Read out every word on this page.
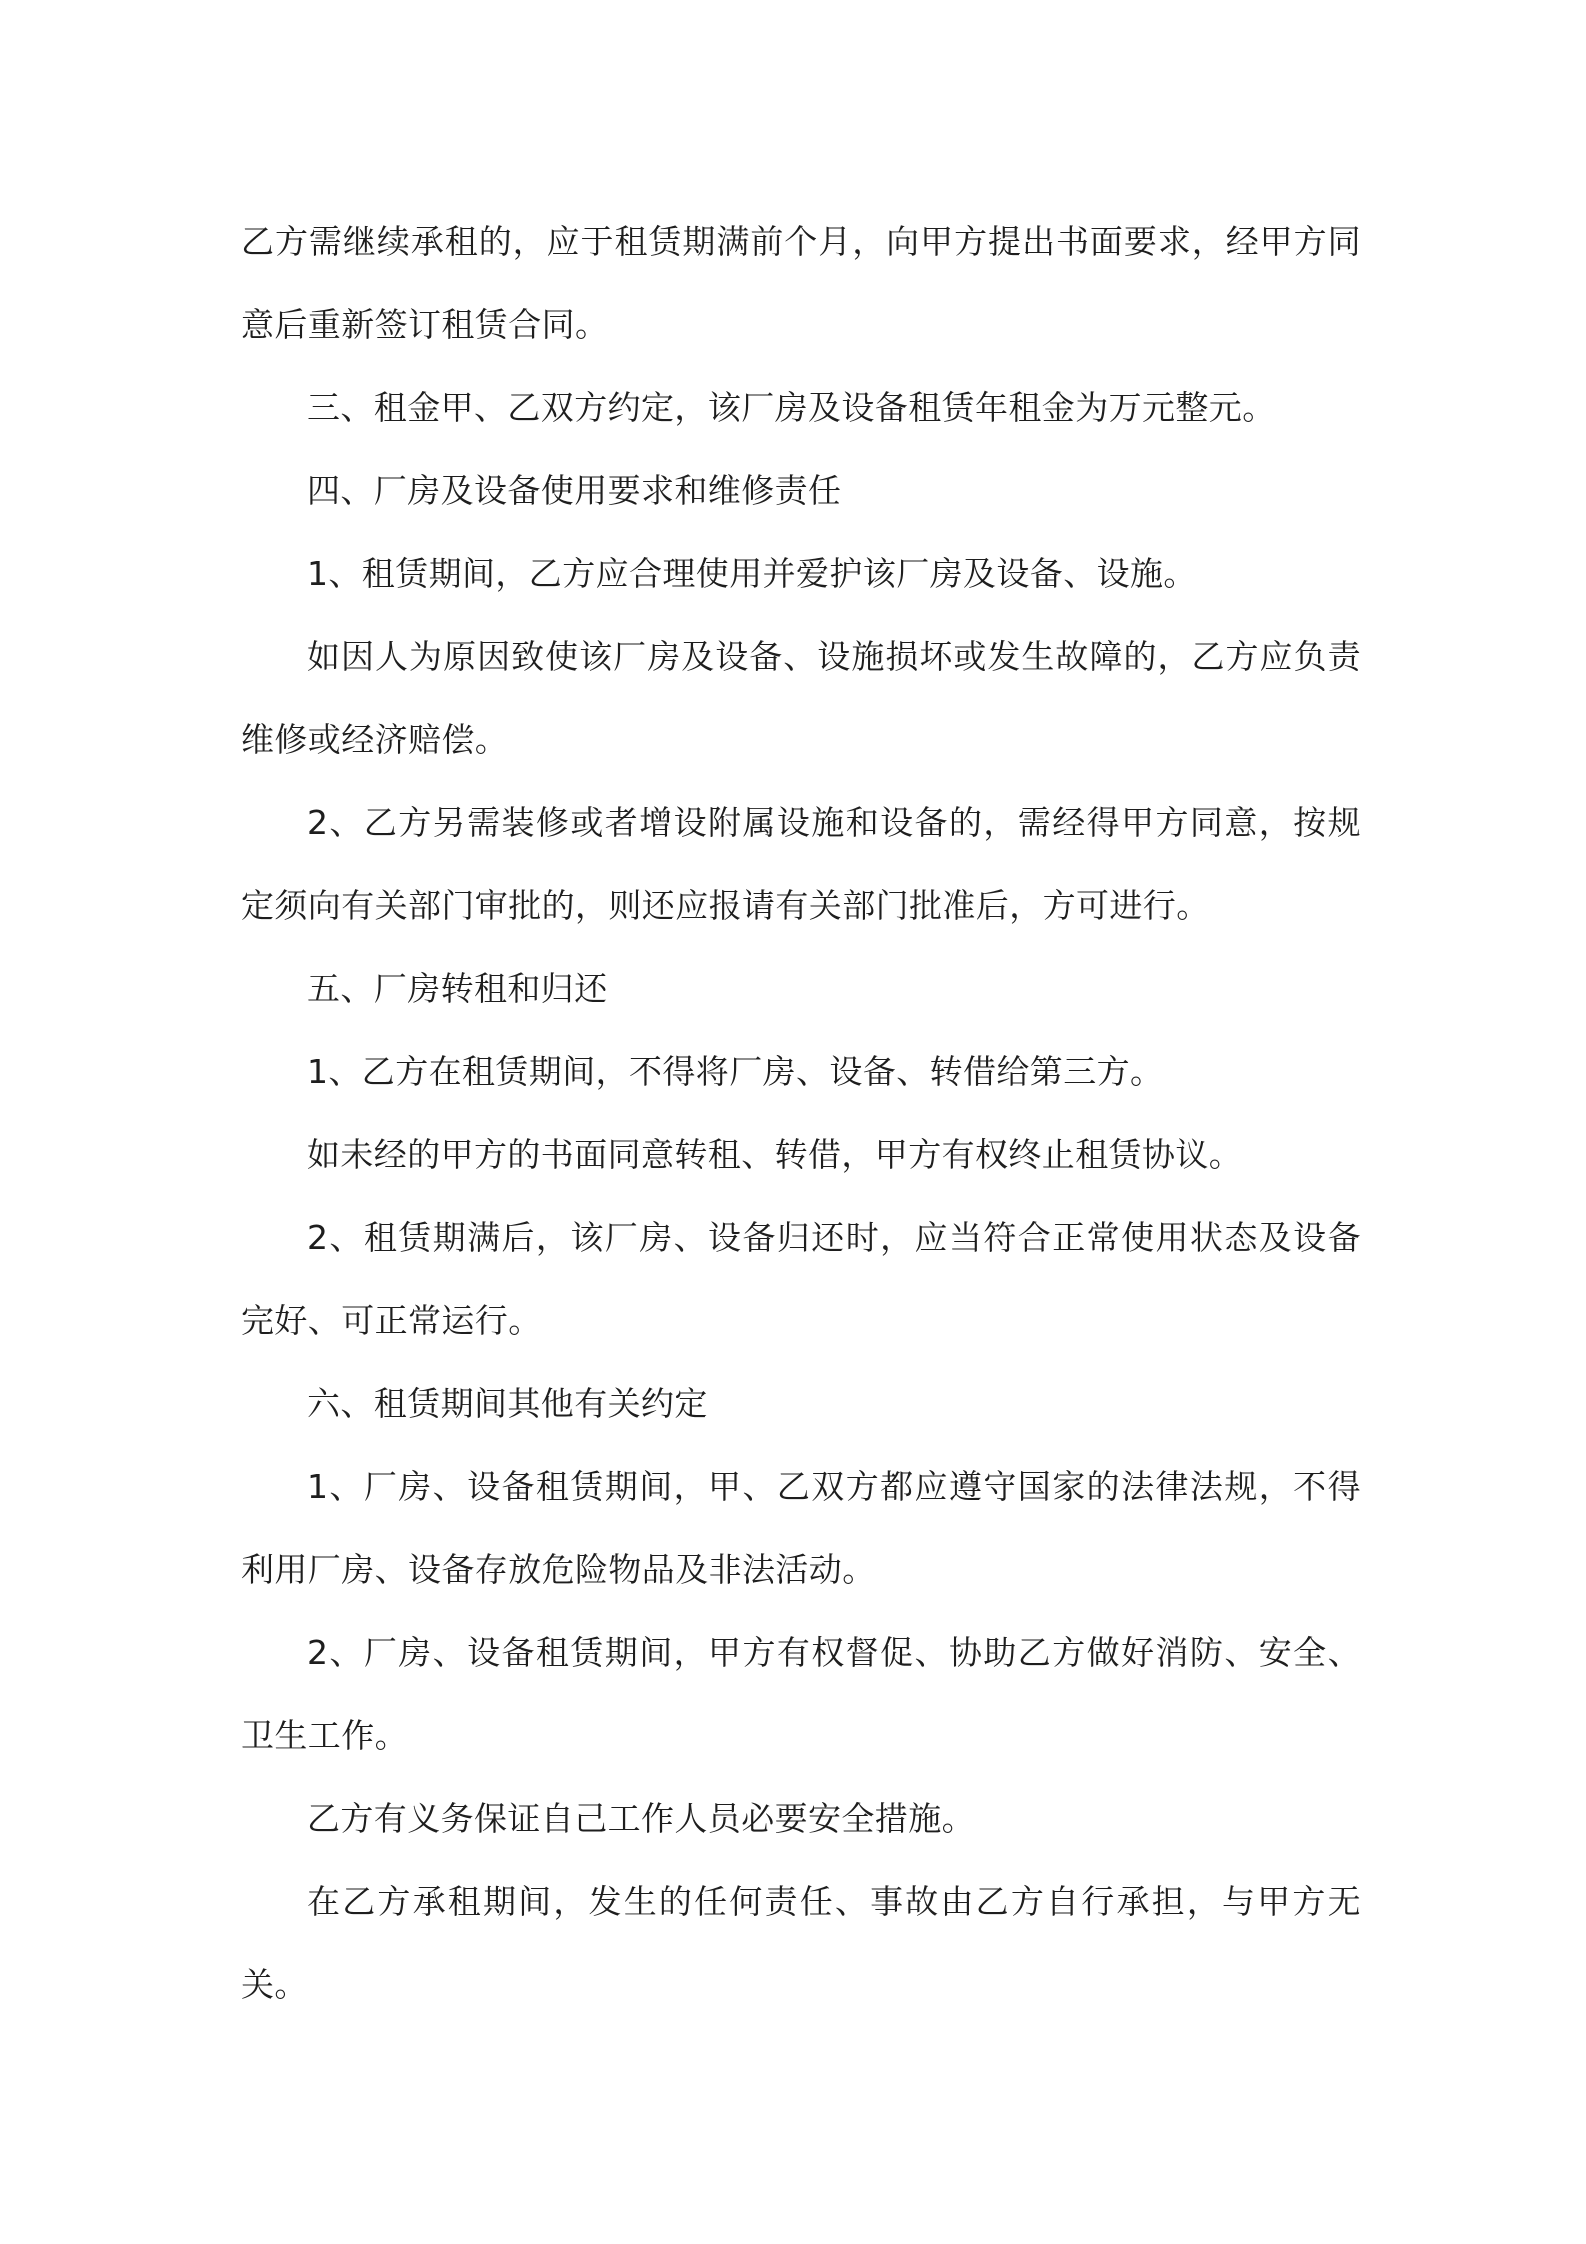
乙方需继续承租的，应于租赁期满前个月，向甲方提出书面要求，经甲方同意后重新签订租赁合同。

三、租金甲、乙双方约定，该厂房及设备租赁年租金为万元整元。

四、厂房及设备使用要求和维修责任

1、租赁期间，乙方应合理使用并爱护该厂房及设备、设施。

如因人为原因致使该厂房及设备、设施损坏或发生故障的，乙方应负责维修或经济赔偿。

2、乙方另需装修或者增设附属设施和设备的，需经得甲方同意，按规定须向有关部门审批的，则还应报请有关部门批准后，方可进行。

五、厂房转租和归还

1、乙方在租赁期间，不得将厂房、设备、转借给第三方。

如未经的甲方的书面同意转租、转借，甲方有权终止租赁协议。

2、租赁期满后，该厂房、设备归还时，应当符合正常使用状态及设备完好、可正常运行。

六、租赁期间其他有关约定

1、厂房、设备租赁期间，甲、乙双方都应遵守国家的法律法规，不得利用厂房、设备存放危险物品及非法活动。

2、厂房、设备租赁期间，甲方有权督促、协助乙方做好消防、安全、卫生工作。

乙方有义务保证自己工作人员必要安全措施。

在乙方承租期间，发生的任何责任、事故由乙方自行承担，与甲方无关。
